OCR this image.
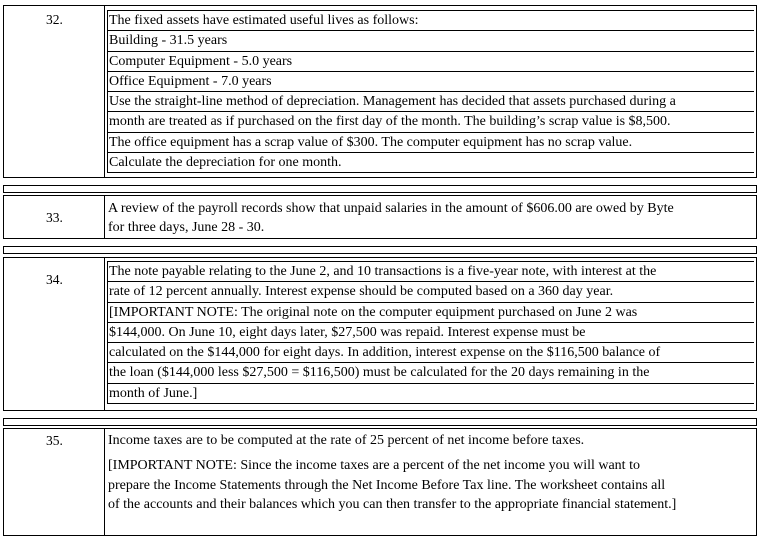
32.	The fixed assets have estimated useful lives as follows:
Building - 31.5 years
Computer Equipment - 5.0 years
Office Equipment - 7.0 years
Use the straight-line method of depreciation. Management has decided that assets purchased during a
month are treated as if purchased on the first day of the month. The building’s scrap value is $8,500.
The office equipment has a scrap value of $300. The computer equipment has no scrap value.
Calculate the depreciation for one month.
33.
A review of the payroll records show that unpaid salaries in the amount of $606.00 are owed by Byte
for three days, June 28 - 30.
34.
The note payable relating to the June 2, and 10 transactions is a five-year note, with interest at the
rate of 12 percent annually. Interest expense should be computed based on a 360 day year.
[IMPORTANT NOTE: The original note on the computer equipment purchased on June 2 was
$144,000. On June 10, eight days later, $27,500 was repaid. Interest expense must be
calculated on the $144,000 for eight days. In addition, interest expense on the $116,500 balance of
the loan ($144,000 less $27,500 = $116,500) must be calculated for the 20 days remaining in the
month of June.]
35.	Income taxes are to be computed at the rate of 25 percent of net income before taxes.
[IMPORTANT NOTE: Since the income taxes are a percent of the net income you will want to
prepare the Income Statements through the Net Income Before Tax line. The worksheet contains all
of the accounts and their balances which you can then transfer to the appropriate financial statement.]
